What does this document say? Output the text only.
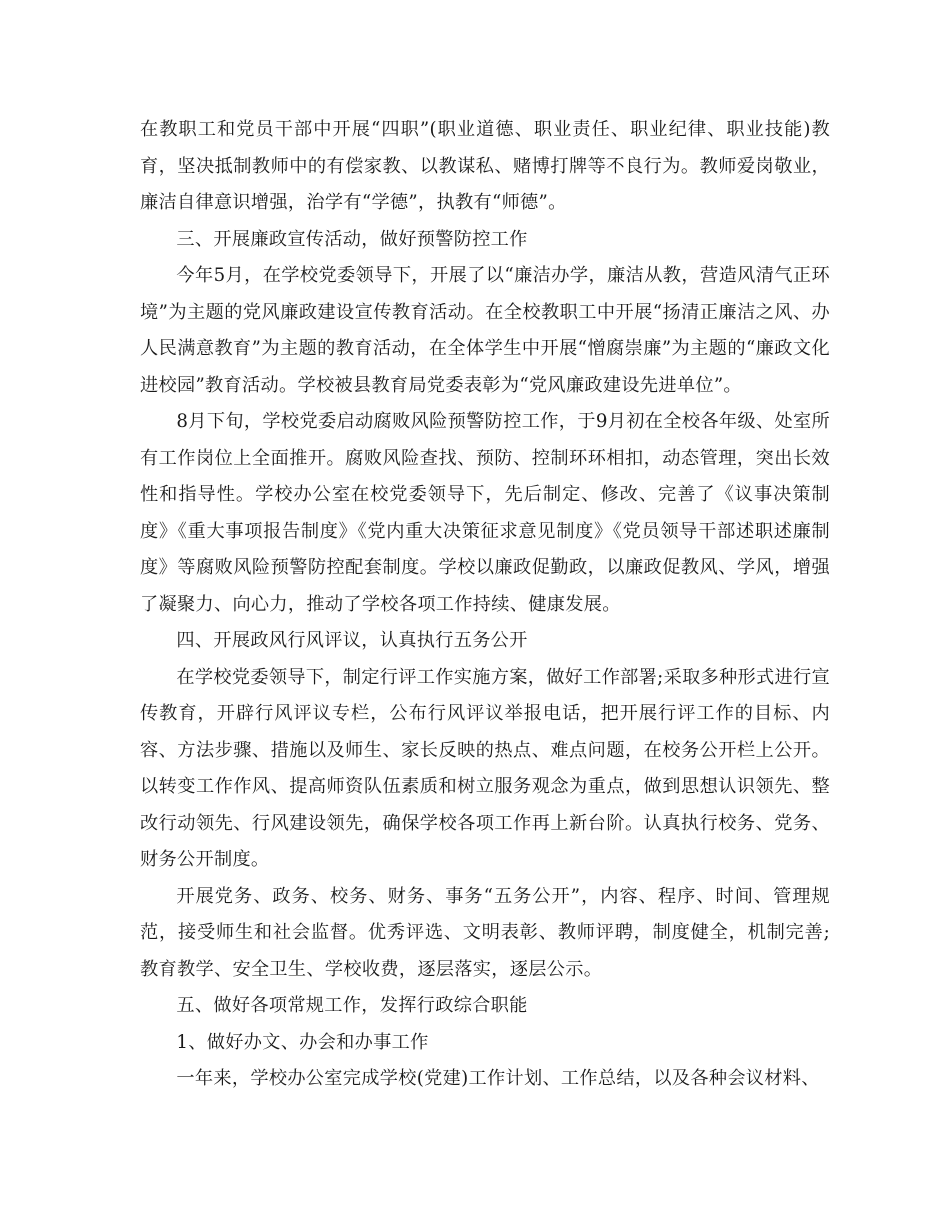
在教职工和党员干部中开展“四职”(职业道德、职业责任、职业纪律、职业技能)教育，坚决抵制教师中的有偿家教、以教谋私、赌博打牌等不良行为。教师爱岗敬业，廉洁自律意识增强，治学有“学德”，执教有“师德”。

三、开展廉政宣传活动，做好预警防控工作

今年5月，在学校党委领导下，开展了以“廉洁办学，廉洁从教，营造风清气正环境”为主题的党风廉政建设宣传教育活动。在全校教职工中开展“扬清正廉洁之风、办人民满意教育”为主题的教育活动，在全体学生中开展“憎腐崇廉”为主题的“廉政文化进校园”教育活动。学校被县教育局党委表彰为“党风廉政建设先进单位”。

8月下旬，学校党委启动腐败风险预警防控工作，于9月初在全校各年级、处室所有工作岗位上全面推开。腐败风险查找、预防、控制环环相扣，动态管理，突出长效性和指导性。学校办公室在校党委领导下，先后制定、修改、完善了《议事决策制度》《重大事项报告制度》《党内重大决策征求意见制度》《党员领导干部述职述廉制度》等腐败风险预警防控配套制度。学校以廉政促勤政，以廉政促教风、学风，增强了凝聚力、向心力，推动了学校各项工作持续、健康发展。

四、开展政风行风评议，认真执行五务公开

在学校党委领导下，制定行评工作实施方案，做好工作部署;采取多种形式进行宣传教育，开辟行风评议专栏，公布行风评议举报电话，把开展行评工作的目标、内容、方法步骤、措施以及师生、家长反映的热点、难点问题，在校务公开栏上公开。以转变工作作风、提高师资队伍素质和树立服务观念为重点，做到思想认识领先、整改行动领先、行风建设领先，确保学校各项工作再上新台阶。认真执行校务、党务、财务公开制度。

开展党务、政务、校务、财务、事务“五务公开”，内容、程序、时间、管理规范，接受师生和社会监督。优秀评选、文明表彰、教师评聘，制度健全，机制完善;教育教学、安全卫生、学校收费，逐层落实，逐层公示。

五、做好各项常规工作，发挥行政综合职能

1、做好办文、办会和办事工作

一年来，学校办公室完成学校(党建)工作计划、工作总结，以及各种会议材料、
